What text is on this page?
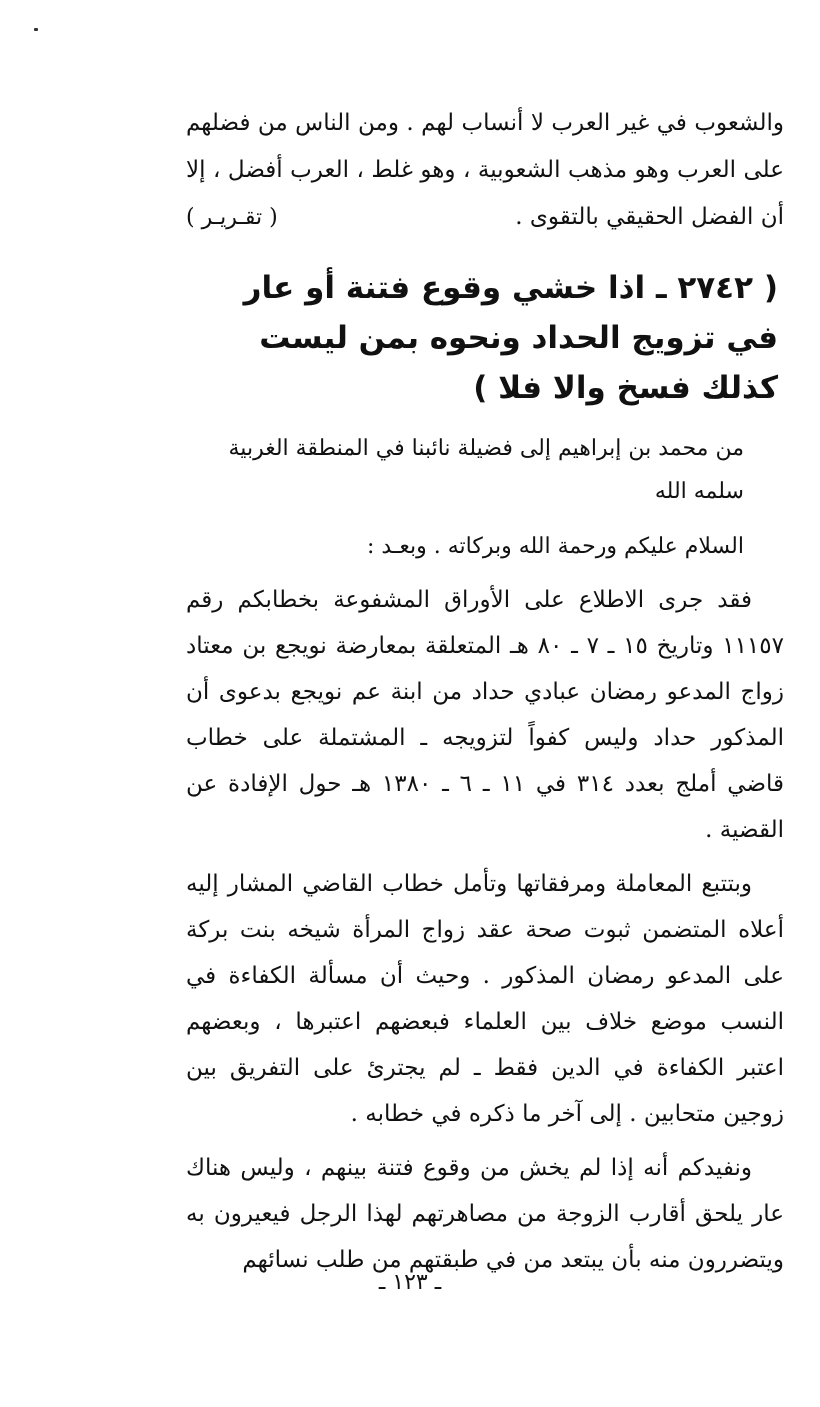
والشعوب في غير العرب لا أنساب لهم . ومن الناس من فضلهم على العرب وهو مذهب الشعوبية ، وهو غلط ، العرب أفضل ، إلا أن الفضل الحقيقي بالتقوى .
( تقـريـر )

( ٢٧٤٢ ـ اذا خشي وقوع فتنة أو عار في تزويج الحداد ونحوه بمن ليست كذلك فسخ والا فلا )

من محمد بن إبراهيم إلى فضيلة نائبنا في المنطقة الغربية
سلمه الله

السلام عليكم ورحمة الله وبركاته . وبعـد :

فقد جرى الاطلاع على الأوراق المشفوعة بخطابكم رقم ١١١٥٧ وتاريخ ١٥ ـ ٧ ـ ٨٠ هـ المتعلقة بمعارضة نويجع بن معتاد زواج المدعو رمضان عبادي حداد من ابنة عم نويجع بدعوى أن المذكور حداد وليس كفواً لتزويجه ـ المشتملة على خطاب قاضي أملج بعدد ٣١٤ في ١١ ـ ٦ ـ ١٣٨٠ هـ حول الإفادة عن القضية .

وبتتبع المعاملة ومرفقاتها وتأمل خطاب القاضي المشار إليه أعلاه المتضمن ثبوت صحة عقد زواج المرأة شيخه بنت بركة على المدعو رمضان المذكور . وحيث أن مسألة الكفاءة في النسب موضع خلاف بين العلماء فبعضهم اعتبرها ، وبعضهم اعتبر الكفاءة في الدين فقط ـ لم يجترئ على التفريق بين زوجين متحابين . إلى آخر ما ذكره في خطابه .

ونفيدكم أنه إذا لم يخش من وقوع فتنة بينهم ، وليس هناك عار يلحق أقارب الزوجة من مصاهرتهم لهذا الرجل فيعيرون به ويتضررون منه بأن يبتعد من في طبقتهم من طلب نسائهم

ـ ١٢٣ ـ
